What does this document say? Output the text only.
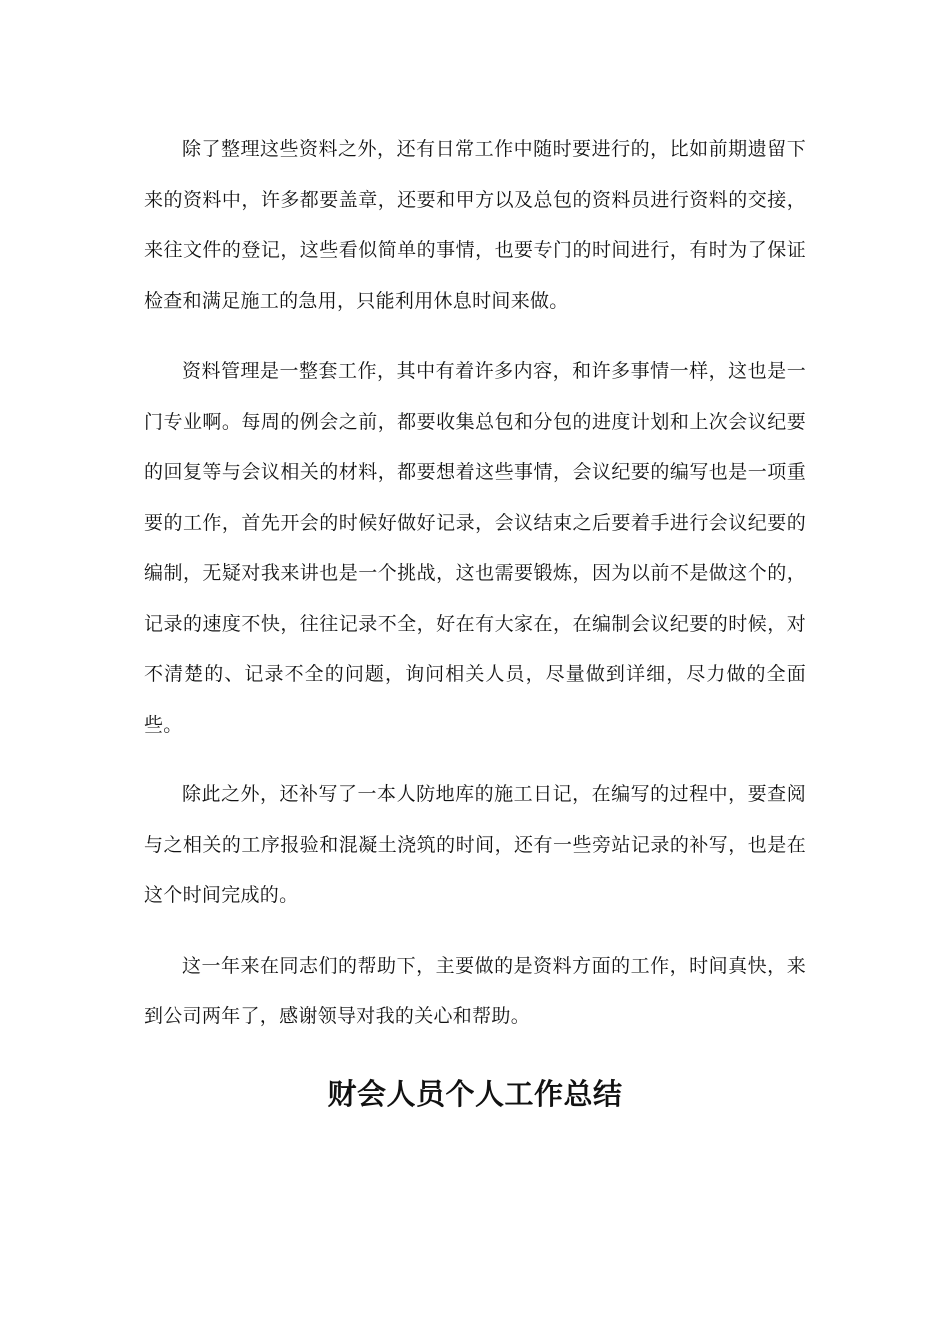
除了整理这些资料之外，还有日常工作中随时要进行的，比如前期遗留下来的资料中，许多都要盖章，还要和甲方以及总包的资料员进行资料的交接，来往文件的登记，这些看似简单的事情，也要专门的时间进行，有时为了保证检查和满足施工的急用，只能利用休息时间来做。

资料管理是一整套工作，其中有着许多内容，和许多事情一样，这也是一门专业啊。每周的例会之前，都要收集总包和分包的进度计划和上次会议纪要的回复等与会议相关的材料，都要想着这些事情，会议纪要的编写也是一项重要的工作，首先开会的时候好做好记录，会议结束之后要着手进行会议纪要的编制，无疑对我来讲也是一个挑战，这也需要锻炼，因为以前不是做这个的，记录的速度不快，往往记录不全，好在有大家在，在编制会议纪要的时候，对不清楚的、记录不全的问题，询问相关人员，尽量做到详细，尽力做的全面些。

除此之外，还补写了一本人防地库的施工日记，在编写的过程中，要查阅与之相关的工序报验和混凝土浇筑的时间，还有一些旁站记录的补写，也是在这个时间完成的。

这一年来在同志们的帮助下，主要做的是资料方面的工作，时间真快，来到公司两年了，感谢领导对我的关心和帮助。

财会人员个人工作总结
